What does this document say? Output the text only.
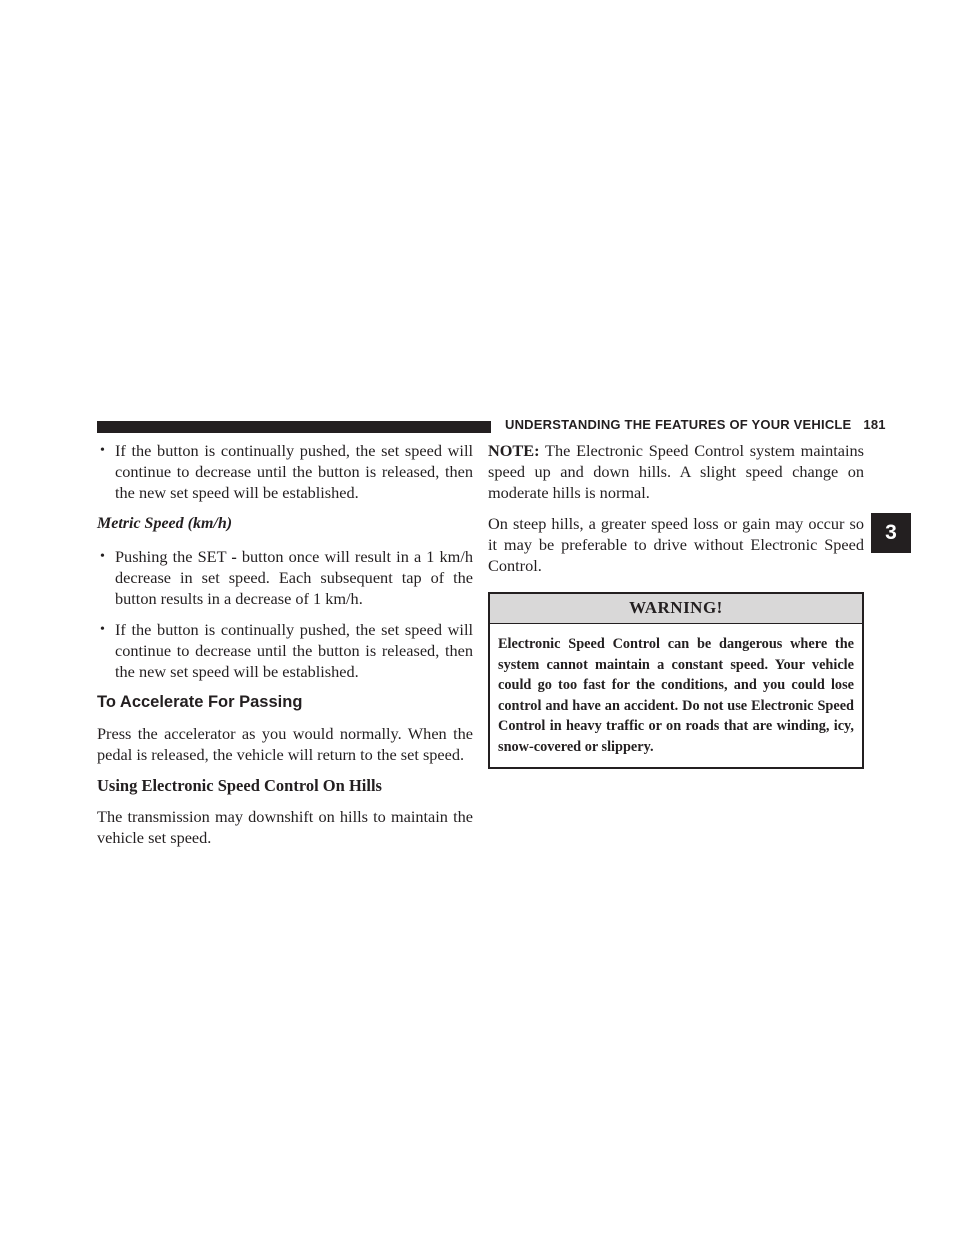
UNDERSTANDING THE FEATURES OF YOUR VEHICLE 181
3

• If the button is continually pushed, the set speed will continue to decrease until the button is released, then the new set speed will be established.

Metric Speed (km/h)

• Pushing the SET - button once will result in a 1 km/h decrease in set speed. Each subsequent tap of the button results in a decrease of 1 km/h.

• If the button is continually pushed, the set speed will continue to decrease until the button is released, then the new set speed will be established.

To Accelerate For Passing

Press the accelerator as you would normally. When the pedal is released, the vehicle will return to the set speed.

Using Electronic Speed Control On Hills

The transmission may downshift on hills to maintain the vehicle set speed.

NOTE: The Electronic Speed Control system maintains speed up and down hills. A slight speed change on moderate hills is normal.

On steep hills, a greater speed loss or gain may occur so it may be preferable to drive without Electronic Speed Control.

WARNING!
Electronic Speed Control can be dangerous where the system cannot maintain a constant speed. Your vehicle could go too fast for the conditions, and you could lose control and have an accident. Do not use Electronic Speed Control in heavy traffic or on roads that are winding, icy, snow-covered or slippery.
